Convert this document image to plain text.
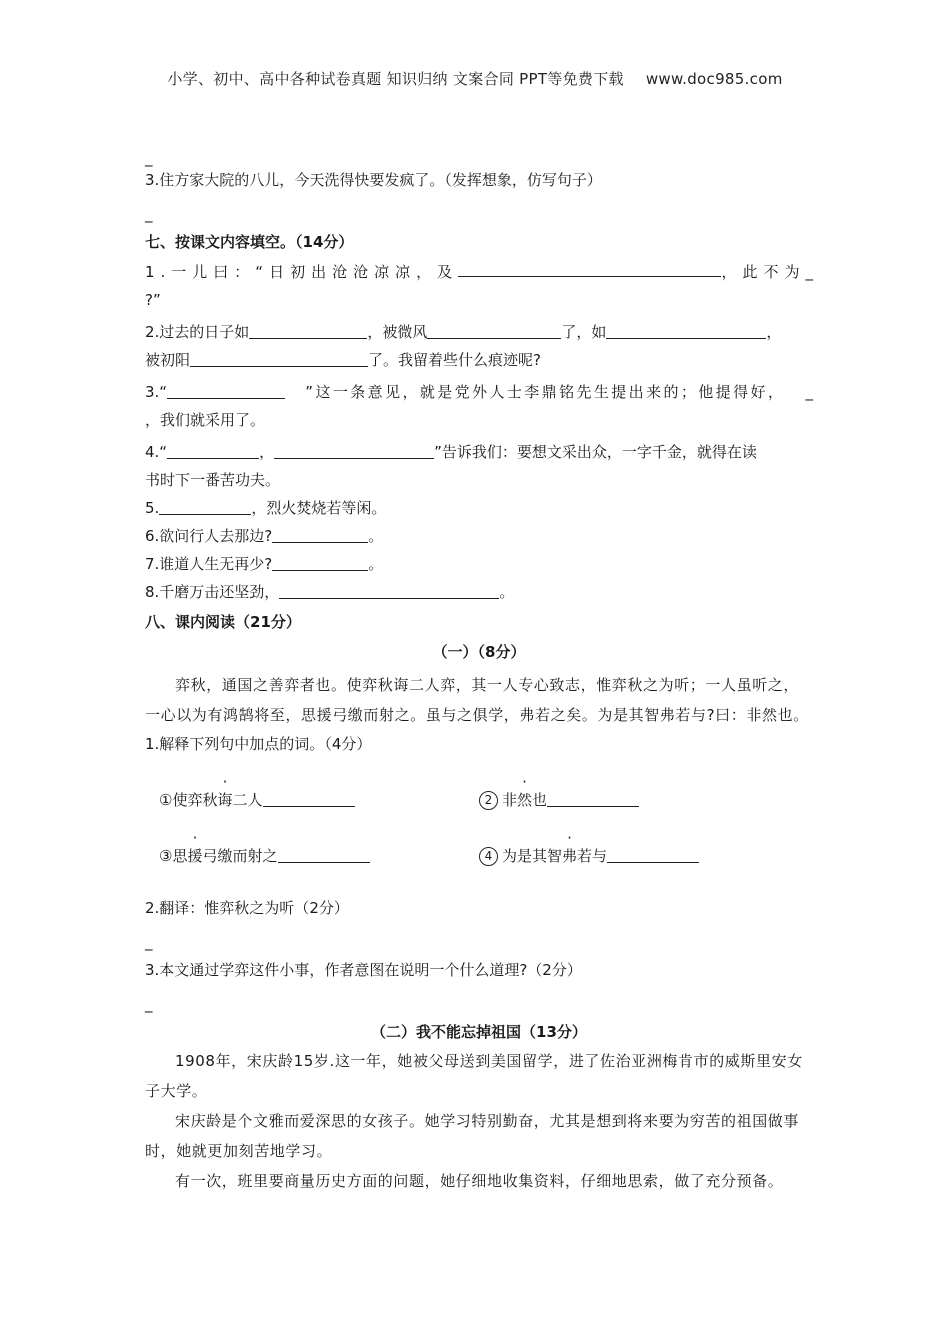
小学、初中、高中各种试卷真题 知识归纳 文案合同 PPT等免费下载 www.doc985.com
_
3.住方家大院的八儿，今天洗得快要发疯了。（发挥想象，仿写句子）
_
七、按课文内容填空。（14分）
1.一儿曰：“日初出沧沧凉凉，及	，此不为 _
?”
2.过去的日子如	，被微风	了，如	，
被初阳	了。我留着些什么痕迹呢?
3.“	”这一条意见，就是党外人士李鼎铭先生提出来的；他提得好， _
，我们就采用了。
4.“	，	”告诉我们：要想文采出众，一字千金，就得在读
书时下一番苦功夫。
5.	，烈火焚烧若等闲。
6.欲问行人去那边?	。
7.谁道人生无再少?	。
8.千磨万击还坚劲，	。
八、课内阅读（21分）
（一）（8分）
弈秋，通国之善弈者也。使弈秋诲二人弈，其一人专心致志，惟弈秋之为听；一人虽听之，一心以为有鸿鹄将至，思援弓缴而射之。虽与之俱学，弗若之矣。为是其智弗若与?曰：非然也。
1.解释下列句中加点的词。（4分）
①使弈秋诲二人	2 非然也
③思援弓缴而射之	4 为是其智弗若与
2.翻译：惟弈秋之为听（2分）
_
3.本文通过学弈这件小事，作者意图在说明一个什么道理?（2分）
_
（二）我不能忘掉祖国（13分）
1908年，宋庆龄15岁.这一年，她被父母送到美国留学，进了佐治亚洲梅肯市的威斯里安女子大学。
宋庆龄是个文雅而爱深思的女孩子。她学习特别勤奋，尤其是想到将来要为穷苦的祖国做事时，她就更加刻苦地学习。
有一次，班里要商量历史方面的问题，她仔细地收集资料，仔细地思索，做了充分预备。
